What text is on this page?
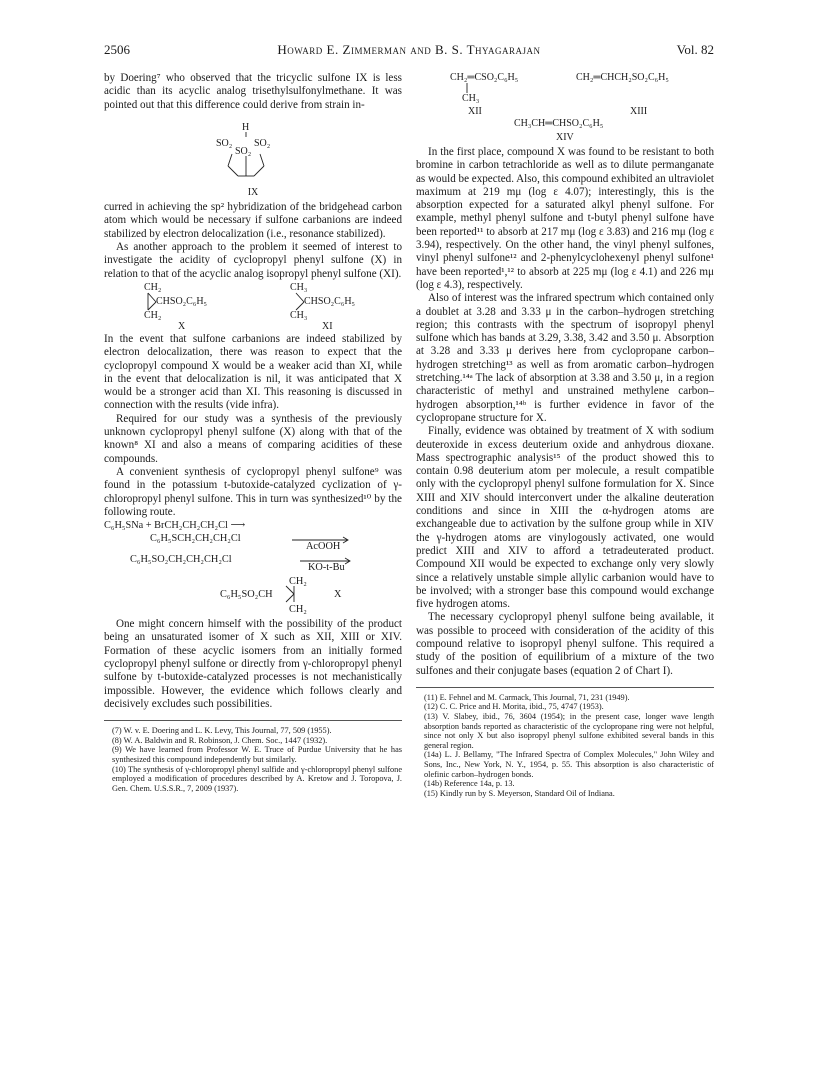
2506	Howard E. Zimmerman and B. S. Thyagarajan	Vol. 82

by Doering⁷ who observed that the tricyclic sulfone IX is less acidic than its acyclic analog trisethylsulfonylmethane. It was pointed out that this difference could derive from strain in-

H
SO₂ SO₂
SO₂
IX

curred in achieving the sp² hybridization of the bridgehead carbon atom which would be necessary if sulfone carbanions are indeed stabilized by electron delocalization (i.e., resonance stabilized).

As another approach to the problem it seemed of interest to investigate the acidity of cyclopropyl phenyl sulfone (X) in relation to that of the acyclic analog isopropyl phenyl sulfone (XI).

CH₂
CHSO₂C₆H₅
CH₂
CH₃
CHSO₂C₆H₅
CH₃
X	XI

In the event that sulfone carbanions are indeed stabilized by electron delocalization, there was reason to expect that the cyclopropyl compound X would be a weaker acid than XI, while in the event that delocalization is nil, it was anticipated that X would be a stronger acid than XI. This reasoning is discussed in connection with the results (vide infra).

Required for our study was a synthesis of the previously unknown cyclopropyl phenyl sulfone (X) along with that of the known⁸ XI and also a means of comparing acidities of these compounds.

A convenient synthesis of cyclopropyl phenyl sulfone⁹ was found in the potassium t-butoxide-catalyzed cyclization of γ-chloropropyl phenyl sulfone. This in turn was synthesized¹⁰ by the following route.

C₆H₅SNa + BrCH₂CH₂CH₂Cl ⟶
C₆H₅SCH₂CH₂CH₂Cl
AcOOH
C₆H₅SO₂CH₂CH₂CH₂Cl
KO-t-Bu
CH₂
C₆H₅SO₂CH
CH₂
X

One might concern himself with the possibility of the product being an unsaturated isomer of X such as XII, XIII or XIV. Formation of these acyclic isomers from an initially formed cyclopropyl phenyl sulfone or directly from γ-chloropropyl phenyl sulfone by t-butoxide-catalyzed processes is not mechanistically impossible. However, the evidence which follows clearly and decisively excludes such possibilities.

(7) W. v. E. Doering and L. K. Levy, This Journal, 77, 509 (1955).

(8) W. A. Baldwin and R. Robinson, J. Chem. Soc., 1447 (1932).

(9) We have learned from Professor W. E. Truce of Purdue University that he has synthesized this compound independently but similarly.

(10) The synthesis of γ-chloropropyl phenyl sulfide and γ-chloropropyl phenyl sulfone employed a modification of procedures described by A. Kretow and J. Toropova, J. Gen. Chem. U.S.S.R., 7, 2009 (1937).

CH₂═CSO₂C₆H₅
CH₃
XII
CH₂═CHCH₂SO₂C₆H₅
XIII
CH₃CH═CHSO₂C₆H₅
XIV

In the first place, compound X was found to be resistant to both bromine in carbon tetrachloride as well as to dilute permanganate as would be expected. Also, this compound exhibited an ultraviolet maximum at 219 mμ (log ε 4.07); interestingly, this is the absorption expected for a saturated alkyl phenyl sulfone. For example, methyl phenyl sulfone and t-butyl phenyl sulfone have been reported¹¹ to absorb at 217 mμ (log ε 3.83) and 216 mμ (log ε 3.94), respectively. On the other hand, the vinyl phenyl sulfones, vinyl phenyl sulfone¹² and 2-phenylcyclohexenyl phenyl sulfone¹ have been reported¹,¹² to absorb at 225 mμ (log ε 4.1) and 226 mμ (log ε 4.3), respectively.

Also of interest was the infrared spectrum which contained only a doublet at 3.28 and 3.33 μ in the carbon–hydrogen stretching region; this contrasts with the spectrum of isopropyl phenyl sulfone which has bands at 3.29, 3.38, 3.42 and 3.50 μ. Absorption at 3.28 and 3.33 μ derives here from cyclopropane carbon–hydrogen stretching¹³ as well as from aromatic carbon–hydrogen stretching.¹⁴ᵃ The lack of absorption at 3.38 and 3.50 μ, in a region characteristic of methyl and unstrained methylene carbon–hydrogen absorption,¹⁴ᵇ is further evidence in favor of the cyclopropane structure for X.

Finally, evidence was obtained by treatment of X with sodium deuteroxide in excess deuterium oxide and anhydrous dioxane. Mass spectrographic analysis¹⁵ of the product showed this to contain 0.98 deuterium atom per molecule, a result compatible only with the cyclopropyl phenyl sulfone formulation for X. Since XIII and XIV should interconvert under the alkaline deuteration conditions and since in XIII the α-hydrogen atoms are exchangeable due to activation by the sulfone group while in XIV the γ-hydrogen atoms are vinylogously activated, one would predict XIII and XIV to afford a tetradeuterated product. Compound XII would be expected to exchange only very slowly since a relatively unstable simple allylic carbanion would have to be involved; with a stronger base this compound would exchange five hydrogen atoms.

The necessary cyclopropyl phenyl sulfone being available, it was possible to proceed with consideration of the acidity of this compound relative to isopropyl phenyl sulfone. This required a study of the position of equilibrium of a mixture of the two sulfones and their conjugate bases (equation 2 of Chart I).

(11) E. Fehnel and M. Carmack, This Journal, 71, 231 (1949).

(12) C. C. Price and H. Morita, ibid., 75, 4747 (1953).

(13) V. Slabey, ibid., 76, 3604 (1954); in the present case, longer wave length absorption bands reported as characteristic of the cyclopropane ring were not helpful, since not only X but also isopropyl phenyl sulfone exhibited several bands in this general region.

(14a) L. J. Bellamy, "The Infrared Spectra of Complex Molecules," John Wiley and Sons, Inc., New York, N. Y., 1954, p. 55. This absorption is also characteristic of olefinic carbon–hydrogen bonds.

(14b) Reference 14a, p. 13.

(15) Kindly run by S. Meyerson, Standard Oil of Indiana.
